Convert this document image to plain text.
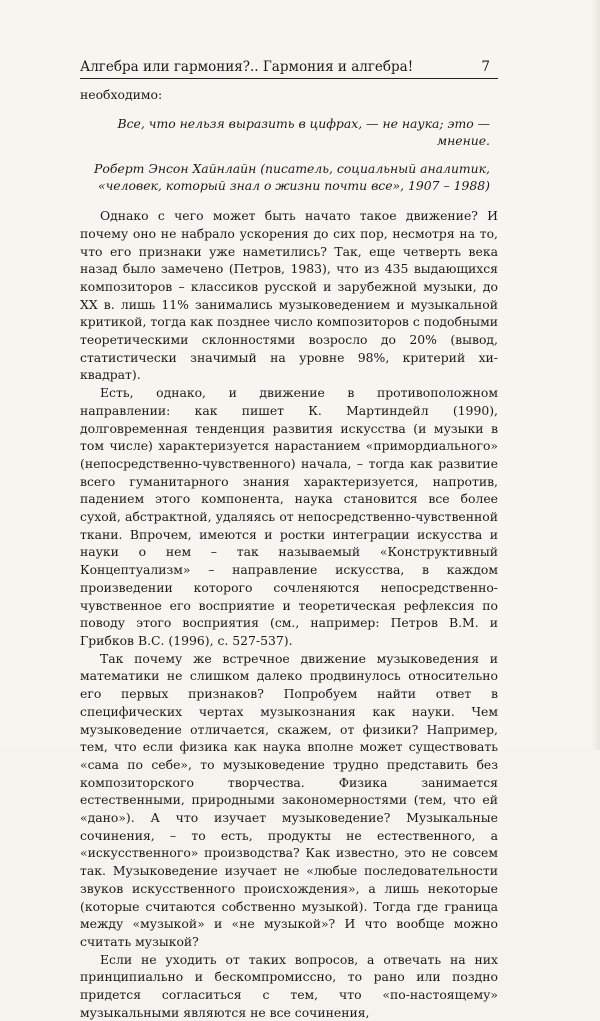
Алгебра или гармония?.. Гармония и алгебра!	7

необходимо:

Все, что нельзя выразить в цифрах, — не наука; это — мнение.

Роберт Энсон Хайнлайн (писатель, социальный аналитик,
«человек, который знал о жизни почти все», 1907 – 1988)

Однако с чего может быть начато такое движение? И почему оно не набрало ускорения до сих пор, несмотря на то, что его признаки уже наметились? Так, еще четверть века назад было замечено (Петров, 1983), что из 435 выдающихся композиторов – классиков русской и зарубежной музыки, до XX в. лишь 11% занимались музыковедением и музыкальной критикой, тогда как позднее число композиторов с подобными теоретическими склонностями возросло до 20% (вывод, статистически значимый на уровне 98%, критерий хи-квадрат).

Есть, однако, и движение в противоположном направлении: как пишет К. Мартиндейл (1990), долговременная тенденция развития искусства (и музыки в том числе) характеризуется нарастанием «примордиального» (непосредственно-чувственного) начала, – тогда как развитие всего гуманитарного знания характеризуется, напротив, падением этого компонента, наука становится все более сухой, абстрактной, удаляясь от непосредственно-чувственной ткани. Впрочем, имеются и ростки интеграции искусства и науки о нем – так называемый «Конструктивный Концептуализм» – направление искусства, в каждом произведении которого сочленяются непосредственно-чувственное его восприятие и теоретическая рефлексия по поводу этого восприятия (см., например: Петров В.М. и Грибков В.С. (1996), с. 527-537).

Так почему же встречное движение музыковедения и математики не слишком далеко продвинулось относительно его первых признаков? Попробуем найти ответ в специфических чертах музыкознания как науки. Чем музыковедение отличается, скажем, от физики? Например, тем, что если физика как наука вполне может существовать «сама по себе», то музыковедение трудно представить без композиторского творчества. Физика занимается естественными, природными закономерностями (тем, что ей «дано»). А что изучает музыковедение? Музыкальные сочинения, – то есть, продукты не естественного, а «искусственного» производства? Как известно, это не совсем так. Музыковедение изучает не «любые последовательности звуков искусственного происхождения», а лишь некоторые (которые считаются собственно музыкой). Тогда где граница между «музыкой» и «не музыкой»? И что вообще можно считать музыкой?

Если не уходить от таких вопросов, а отвечать на них принципиально и бескомпромиссно, то рано или поздно придется согласиться с тем, что «по-настоящему» музыкальными являются не все сочинения,
